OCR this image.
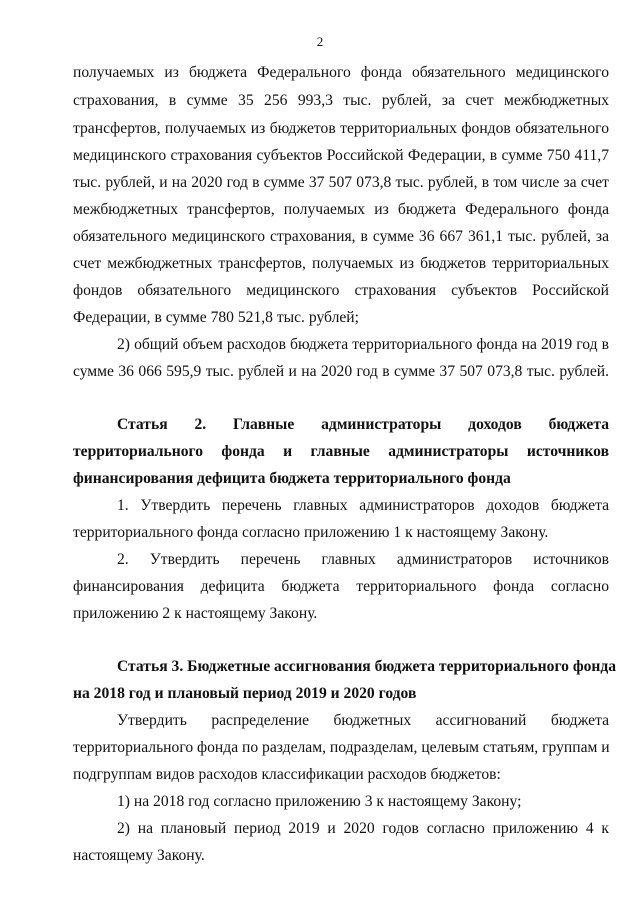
2
получаемых из бюджета Федерального фонда обязательного медицинского
страхования, в сумме 35 256 993,3 тыс. рублей, за счет межбюджетных
трансфертов, получаемых из бюджетов территориальных фондов обязательного
медицинского страхования субъектов Российской Федерации, в сумме 750 411,7
тыс. рублей, и на 2020 год в сумме 37 507 073,8 тыс. рублей, в том числе за счет
межбюджетных трансфертов, получаемых из бюджета Федерального фонда
обязательного медицинского страхования, в сумме 36 667 361,1 тыс. рублей, за
счет межбюджетных трансфертов, получаемых из бюджетов территориальных
фондов обязательного медицинского страхования субъектов Российской
Федерации, в сумме 780 521,8 тыс. рублей;
2) общий объем расходов бюджета территориального фонда на 2019 год в
сумме 36 066 595,9 тыс. рублей и на 2020 год в сумме 37 507 073,8 тыс. рублей.
Статья 2. Главные администраторы доходов бюджета
территориального фонда и главные администраторы источников
финансирования дефицита бюджета территориального фонда
1. Утвердить перечень главных администраторов доходов бюджета
территориального фонда согласно приложению 1 к настоящему Закону.
2. Утвердить перечень главных администраторов источников
финансирования дефицита бюджета территориального фонда согласно
приложению 2 к настоящему Закону.
Статья 3. Бюджетные ассигнования бюджета территориального фонда
на 2018 год и плановый период 2019 и 2020 годов
Утвердить распределение бюджетных ассигнований бюджета
территориального фонда по разделам, подразделам, целевым статьям, группам и
подгруппам видов расходов классификации расходов бюджетов:
1) на 2018 год согласно приложению 3 к настоящему Закону;
2) на плановый период 2019 и 2020 годов согласно приложению 4 к
настоящему Закону.
